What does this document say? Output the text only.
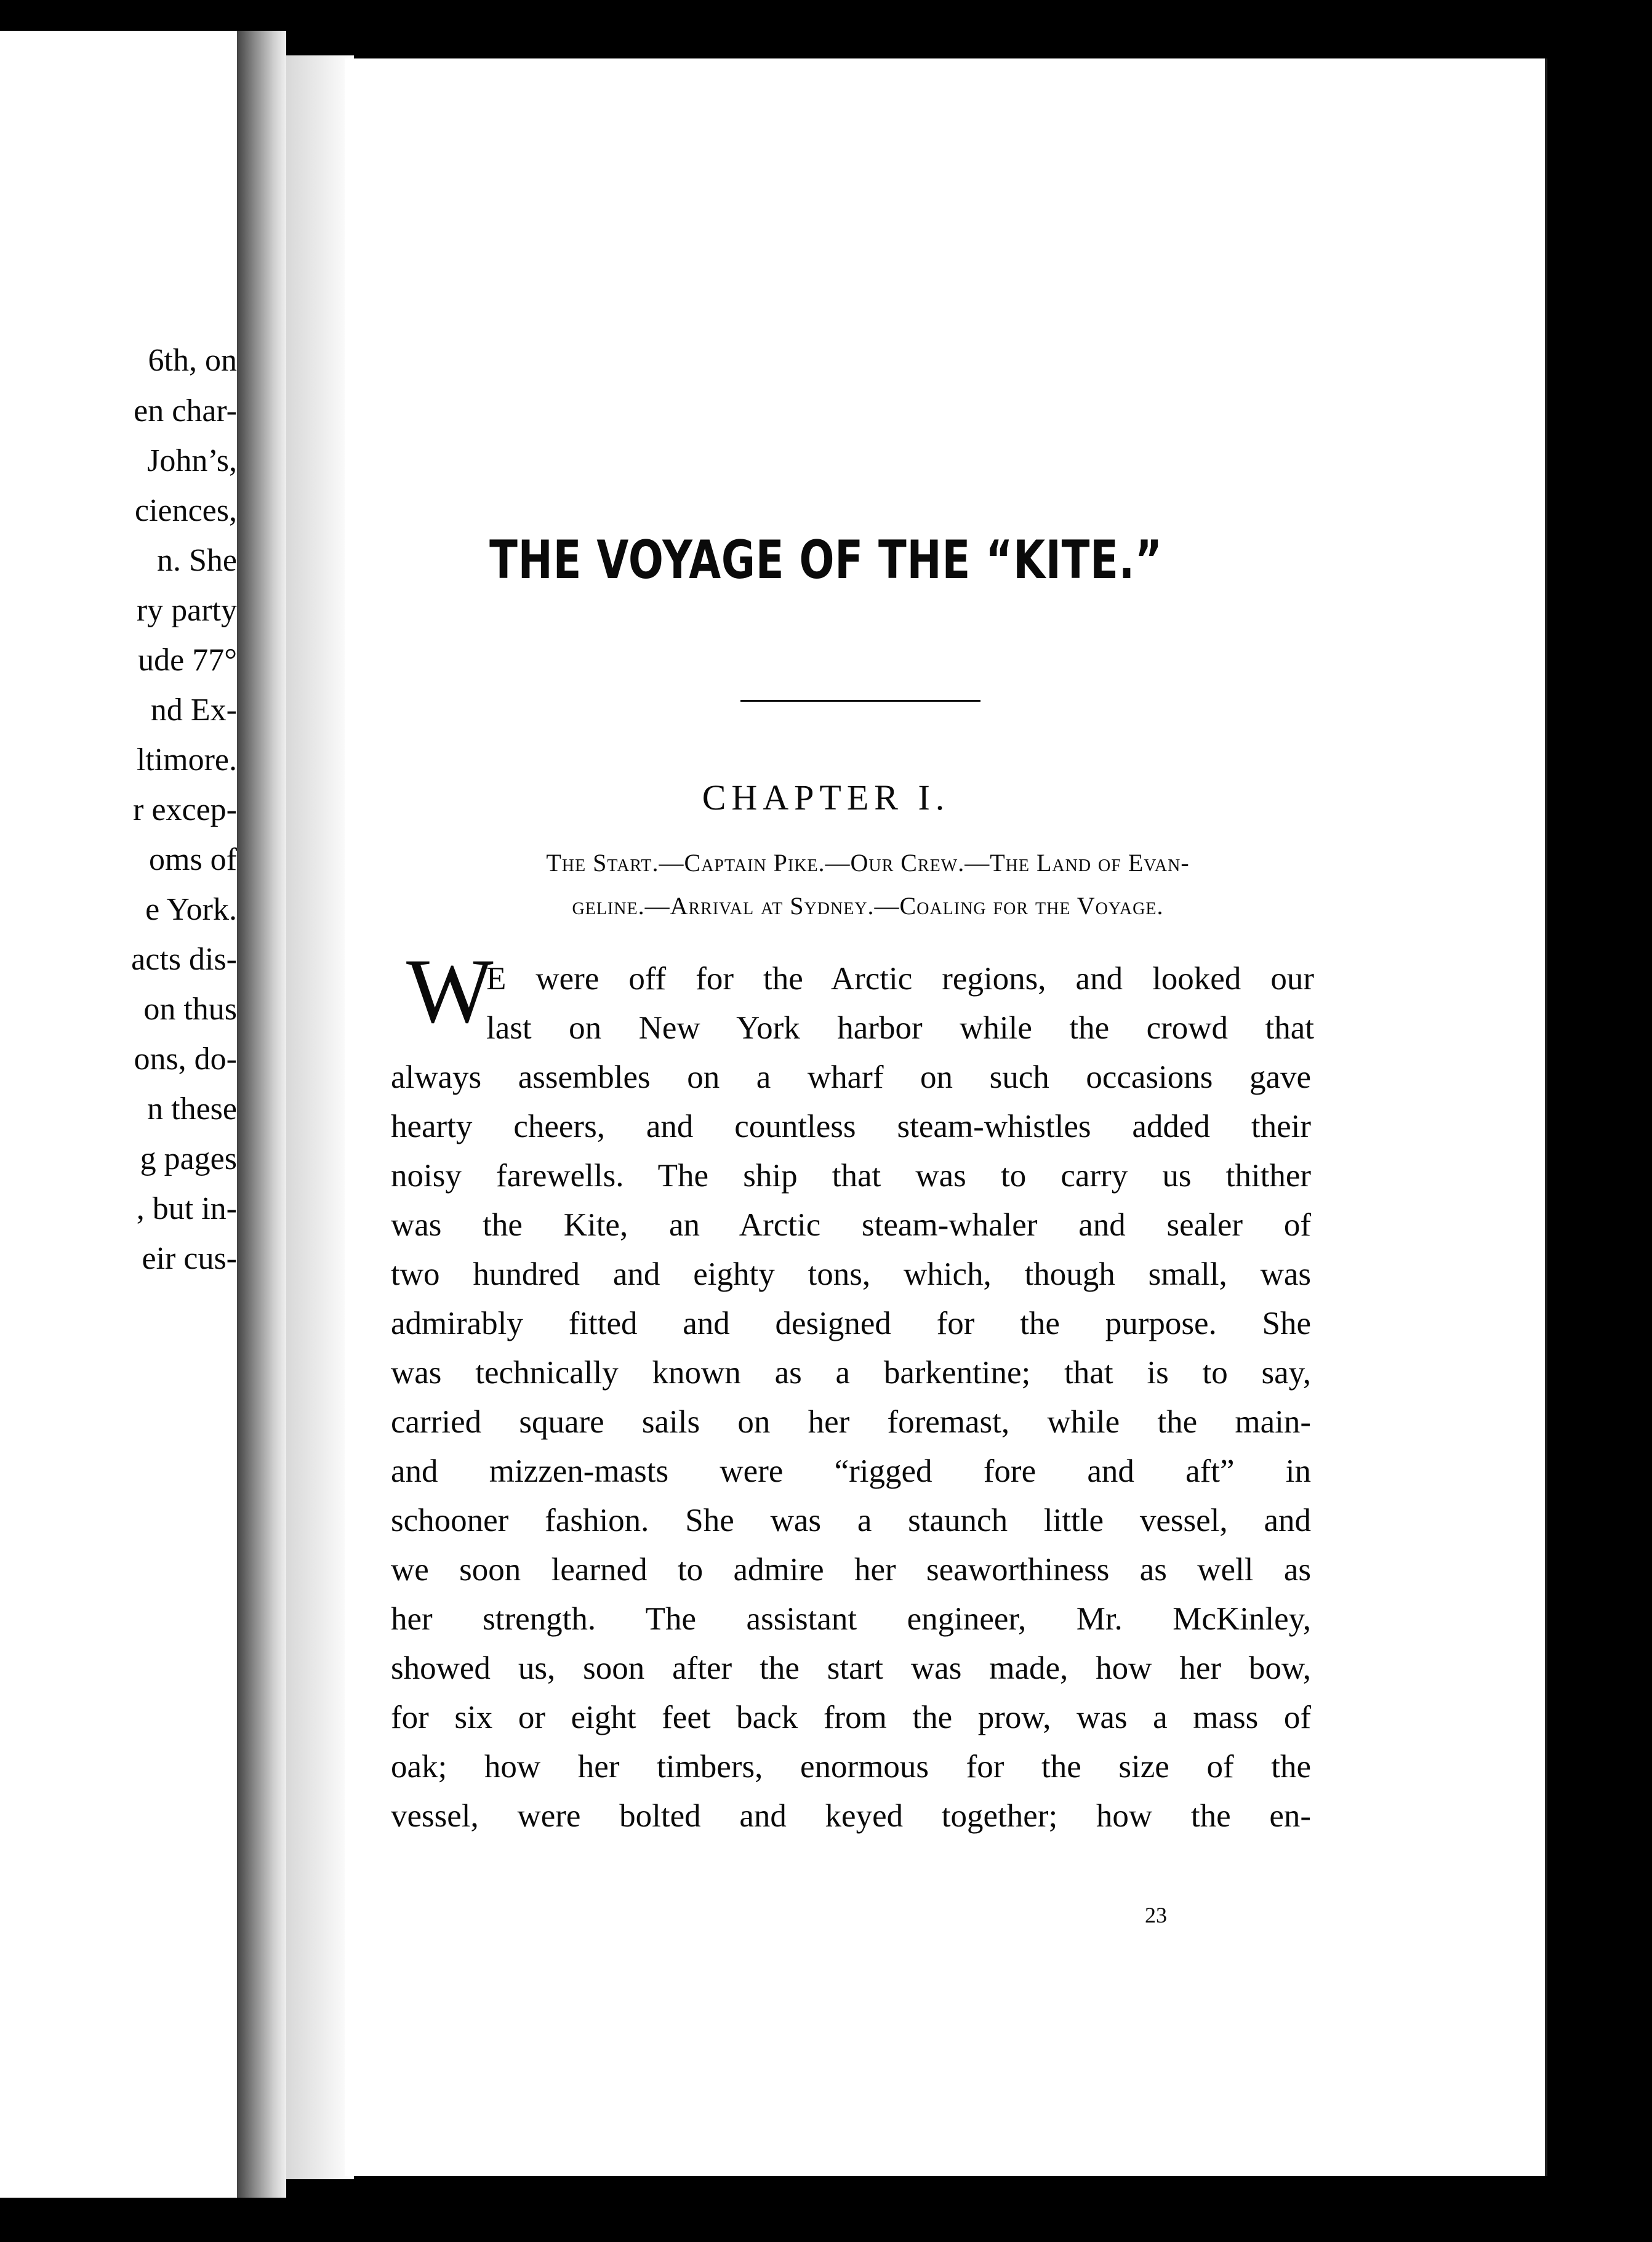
6th, on
en char-
John’s,
ciences,
n. She
ry party
ude 77°
nd Ex-
ltimore.
r excep-
oms of
e York.
acts dis-
on thus
ons, do-
n these
g pages
, but in-
eir cus-
THE VOYAGE OF THE “KITE.”
CHAPTER I.
The Start.—Captain Pike.—Our Crew.—The Land of Evan-
geline.—Arrival at Sydney.—Coaling for the Voyage.
W
E were off for the Arctic regions, and looked our
last on New York harbor while the crowd that
always assembles on a wharf on such occasions gave
hearty cheers, and countless steam-whistles added their
noisy farewells. The ship that was to carry us thither
was the Kite, an Arctic steam-whaler and sealer of
two hundred and eighty tons, which, though small, was
admirably fitted and designed for the purpose. She
was technically known as a barkentine; that is to say,
carried square sails on her foremast, while the main-
and mizzen-masts were “rigged fore and aft” in
schooner fashion. She was a staunch little vessel, and
we soon learned to admire her seaworthiness as well as
her strength. The assistant engineer, Mr. McKinley,
showed us, soon after the start was made, how her bow,
for six or eight feet back from the prow, was a mass of
oak; how her timbers, enormous for the size of the
vessel, were bolted and keyed together; how the en-
23
